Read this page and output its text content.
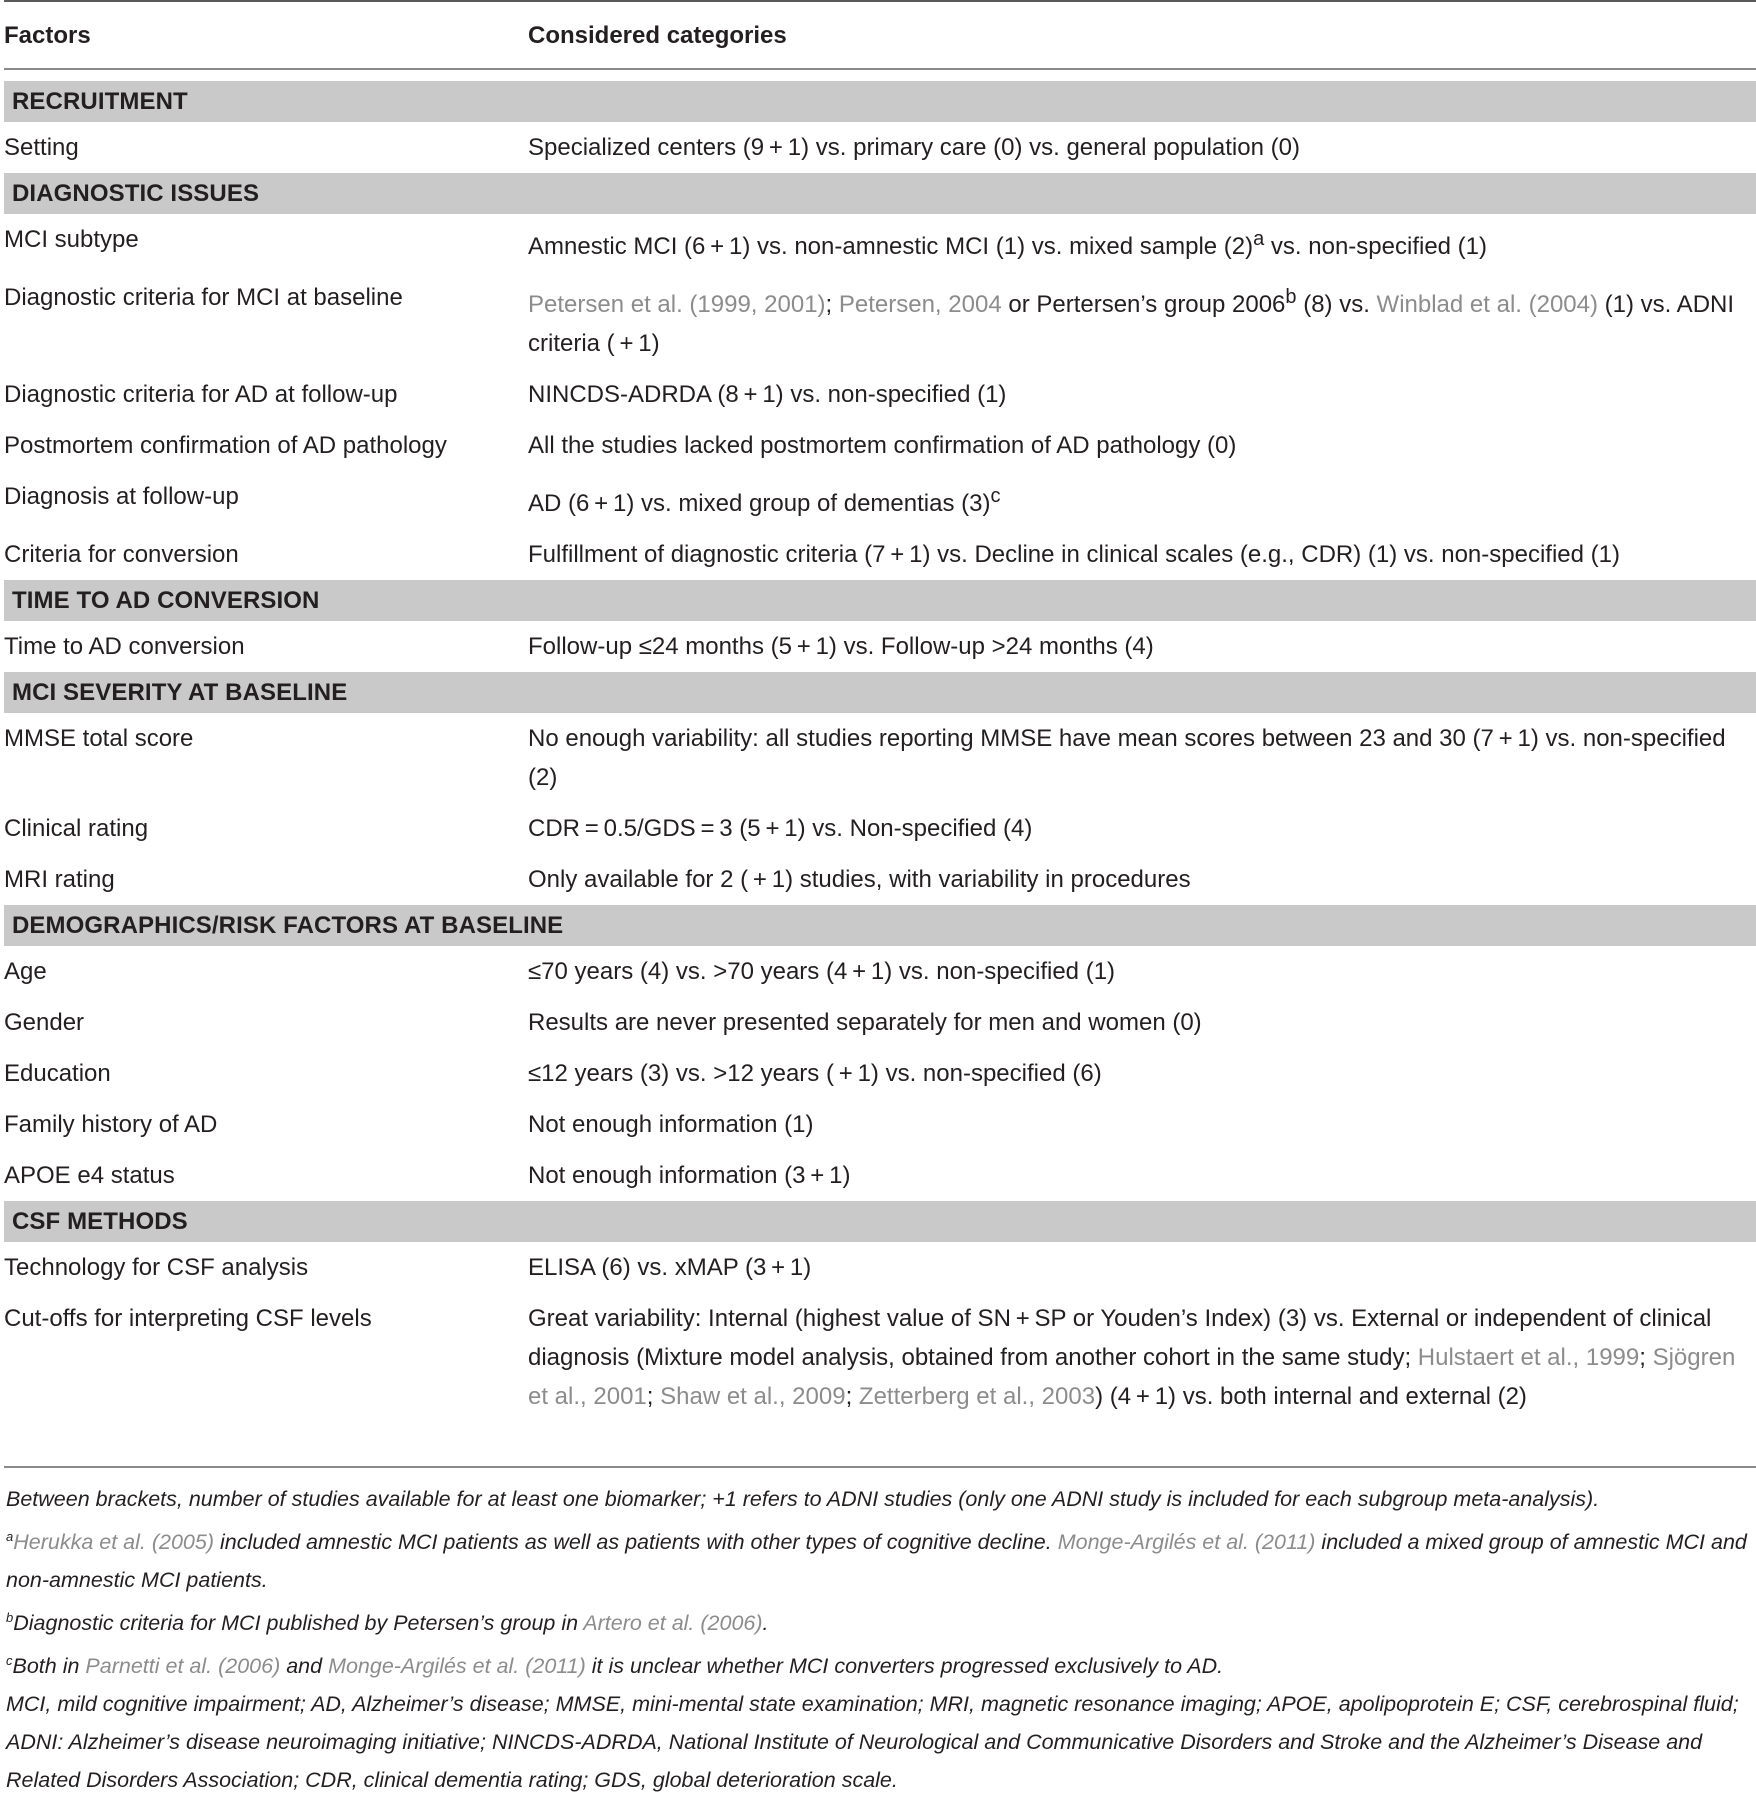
Factors	Considered categories
RECRUITMENT
Setting	Specialized centers (9 + 1) vs. primary care (0) vs. general population (0)
DIAGNOSTIC ISSUES
MCI subtype	Amnestic MCI (6 + 1) vs. non-amnestic MCI (1) vs. mixed sample $(2)^a$ vs. non-specified (1)
Diagnostic criteria for MCI at baseline	Petersen et al. (1999, 2001); Petersen, 2004 or Pertersen’s group 2006$^b$ (8) vs. Winblad et al. (2004) (1) vs. ADNI criteria ( + 1)
Diagnostic criteria for AD at follow-up	NINCDS-ADRDA (8 + 1) vs. non-specified (1)
Postmortem confirmation of AD pathology	All the studies lacked postmortem confirmation of AD pathology (0)
Diagnosis at follow-up	AD (6 + 1) vs. mixed group of dementias $(3)^c$
Criteria for conversion	Fulfillment of diagnostic criteria (7 + 1) vs. Decline in clinical scales (e.g., CDR) (1) vs. non-specified (1)
TIME TO AD CONVERSION
Time to AD conversion	Follow-up ≤24 months (5 + 1) vs. Follow-up >24 months (4)
MCI SEVERITY AT BASELINE
MMSE total score	No enough variability: all studies reporting MMSE have mean scores between 23 and 30 (7 + 1) vs. non-specified (2)
Clinical rating	CDR = 0.5/GDS = 3 (5 + 1) vs. Non-specified (4)
MRI rating	Only available for 2 ( + 1) studies, with variability in procedures
DEMOGRAPHICS/RISK FACTORS AT BASELINE
Age	≤70 years (4) vs. >70 years (4 + 1) vs. non-specified (1)
Gender	Results are never presented separately for men and women (0)
Education	≤12 years (3) vs. >12 years ( + 1) vs. non-specified (6)
Family history of AD	Not enough information (1)
APOE e4 status	Not enough information (3 + 1)
CSF METHODS
Technology for CSF analysis	ELISA (6) vs. xMAP (3 + 1)
Cut-offs for interpreting CSF levels	Great variability: Internal (highest value of SN + SP or Youden’s Index) (3) vs. External or independent of clinical diagnosis (Mixture model analysis, obtained from another cohort in the same study; Hulstaert et al., 1999; Sjögren et al., 2001; Shaw et al., 2009; Zetterberg et al., 2003) (4 + 1) vs. both internal and external (2)

Between brackets, number of studies available for at least one biomarker; +1 refers to ADNI studies (only one ADNI study is included for each subgroup meta-analysis).

$^a$Herukka et al. (2005) included amnestic MCI patients as well as patients with other types of cognitive decline. Monge-Argilés et al. (2011) included a mixed group of amnestic MCI and non-amnestic MCI patients.

$^b$Diagnostic criteria for MCI published by Petersen’s group in Artero et al. (2006).

$^c$Both in Parnetti et al. (2006) and Monge-Argilés et al. (2011) it is unclear whether MCI converters progressed exclusively to AD.

MCI, mild cognitive impairment; AD, Alzheimer’s disease; MMSE, mini-mental state examination; MRI, magnetic resonance imaging; APOE, apolipoprotein E; CSF, cerebrospinal fluid; ADNI: Alzheimer’s disease neuroimaging initiative; NINCDS-ADRDA, National Institute of Neurological and Communicative Disorders and Stroke and the Alzheimer’s Disease and Related Disorders Association; CDR, clinical dementia rating; GDS, global deterioration scale.
